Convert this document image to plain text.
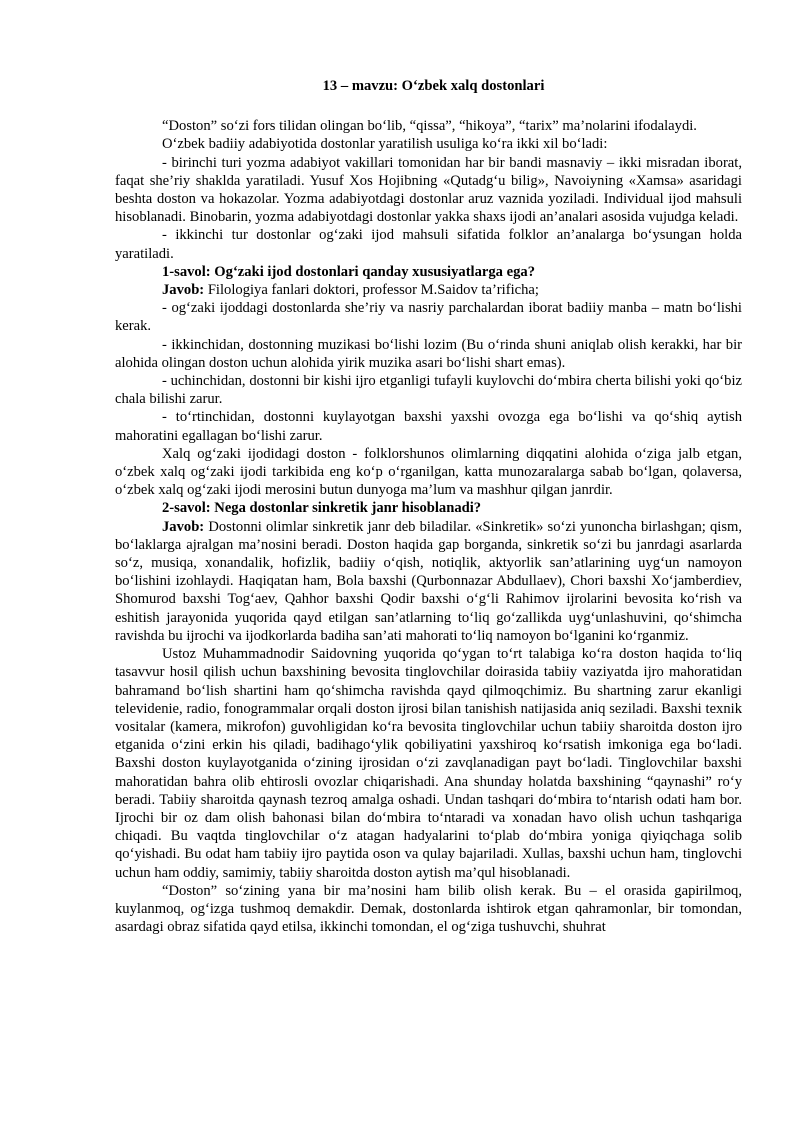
13 – mavzu: O‘zbek xalq dostonlari

“Doston” so‘zi fors tilidan olingan bo‘lib, “qissa”, “hikoya”, “tarix” ma’nolarini ifodalaydi.

O‘zbek badiiy adabiyotida dostonlar yaratilish usuliga ko‘ra ikki xil bo‘ladi:

- birinchi turi yozma adabiyot vakillari tomonidan har bir bandi masnaviy – ikki misradan iborat, faqat she’riy shaklda yaratiladi. Yusuf Xos Hojibning «Qutadg‘u bilig», Navoiyning «Xamsa» asaridagi beshta doston va hokazolar. Yozma adabiyotdagi dostonlar aruz vaznida yoziladi. Individual ijod mahsuli hisoblanadi. Binobarin, yozma adabiyotdagi dostonlar yakka shaxs ijodi an’analari asosida vujudga keladi.

- ikkinchi tur dostonlar og‘zaki ijod mahsuli sifatida folklor an’analarga bo‘ysungan holda yaratiladi.

1-savol: Og‘zaki ijod dostonlari qanday xususiyatlarga ega?

Javob: Filologiya fanlari doktori, professor M.Saidov ta’rificha;

- og‘zaki ijoddagi dostonlarda she’riy va nasriy parchalardan iborat badiiy manba – matn bo‘lishi kerak.

- ikkinchidan, dostonning muzikasi bo‘lishi lozim (Bu o‘rinda shuni aniqlab olish kerakki, har bir alohida olingan doston uchun alohida yirik muzika asari bo‘lishi shart emas).

- uchinchidan, dostonni bir kishi ijro etganligi tufayli kuylovchi do‘mbira cherta bilishi yoki qo‘biz chala bilishi zarur.

- to‘rtinchidan, dostonni kuylayotgan baxshi yaxshi ovozga ega bo‘lishi va qo‘shiq aytish mahoratini egallagan bo‘lishi zarur.

Xalq og‘zaki ijodidagi doston - folklorshunos olimlarning diqqatini alohida o‘ziga jalb etgan, o‘zbek xalq og‘zaki ijodi tarkibida eng ko‘p o‘rganilgan, katta munozaralarga sabab bo‘lgan, qolaversa, o‘zbek xalq og‘zaki ijodi merosini butun dunyoga ma’lum va mashhur qilgan janrdir.

2-savol: Nega dostonlar sinkretik janr hisoblanadi?

Javob: Dostonni olimlar sinkretik janr deb biladilar. «Sinkretik» so‘zi yunoncha birlashgan; qism, bo‘laklarga ajralgan ma’nosini beradi. Doston haqida gap borganda, sinkretik so‘zi bu janrdagi asarlarda so‘z, musiqa, xonandalik, hofizlik, badiiy o‘qish, notiqlik, aktyorlik san’atlarining uyg‘un namoyon bo‘lishini izohlaydi. Haqiqatan ham, Bola baxshi (Qurbonnazar Abdullaev), Chori baxshi Xo‘jamberdiev, Shomurod baxshi Tog‘aev, Qahhor baxshi Qodir baxshi o‘g‘li Rahimov ijrolarini bevosita ko‘rish va eshitish jarayonida yuqorida qayd etilgan san’atlarning to‘liq go‘zallikda uyg‘unlashuvini, qo‘shimcha ravishda bu ijrochi va ijodkorlarda badiha san’ati mahorati to‘liq namoyon bo‘lganini ko‘rganmiz.

Ustoz Muhammadnodir Saidovning yuqorida qo‘ygan to‘rt talabiga ko‘ra doston haqida to‘liq tasavvur hosil qilish uchun baxshining bevosita tinglovchilar doirasida tabiiy vaziyatda ijro mahoratidan bahramand bo‘lish shartini ham qo‘shimcha ravishda qayd qilmoqchimiz. Bu shartning zarur ekanligi televidenie, radio, fonogrammalar orqali doston ijrosi bilan tanishish natijasida aniq seziladi. Baxshi texnik vositalar (kamera, mikrofon) guvohligidan ko‘ra bevosita tinglovchilar uchun tabiiy sharoitda doston ijro etganida o‘zini erkin his qiladi, badihago‘ylik qobiliyatini yaxshiroq ko‘rsatish imkoniga ega bo‘ladi. Baxshi doston kuylayotganida o‘zining ijrosidan o‘zi zavqlanadigan payt bo‘ladi. Tinglovchilar baxshi mahoratidan bahra olib ehtirosli ovozlar chiqarishadi. Ana shunday holatda baxshining “qaynashi” ro‘y beradi. Tabiiy sharoitda qaynash tezroq amalga oshadi. Undan tashqari do‘mbira to‘ntarish odati ham bor. Ijrochi bir oz dam olish bahonasi bilan do‘mbira to‘ntaradi va xonadan havo olish uchun tashqariga chiqadi. Bu vaqtda tinglovchilar o‘z atagan hadyalarini to‘plab do‘mbira yoniga qiyiqchaga solib qo‘yishadi. Bu odat ham tabiiy ijro paytida oson va qulay bajariladi. Xullas, baxshi uchun ham, tinglovchi uchun ham oddiy, samimiy, tabiiy sharoitda doston aytish ma’qul hisoblanadi.

“Doston” so‘zining yana bir ma’nosini ham bilib olish kerak. Bu – el orasida gapirilmoq, kuylanmoq, og‘izga tushmoq demakdir. Demak, dostonlarda ishtirok etgan qahramonlar, bir tomondan, asardagi obraz sifatida qayd etilsa, ikkinchi tomondan, el og‘ziga tushuvchi, shuhrat
